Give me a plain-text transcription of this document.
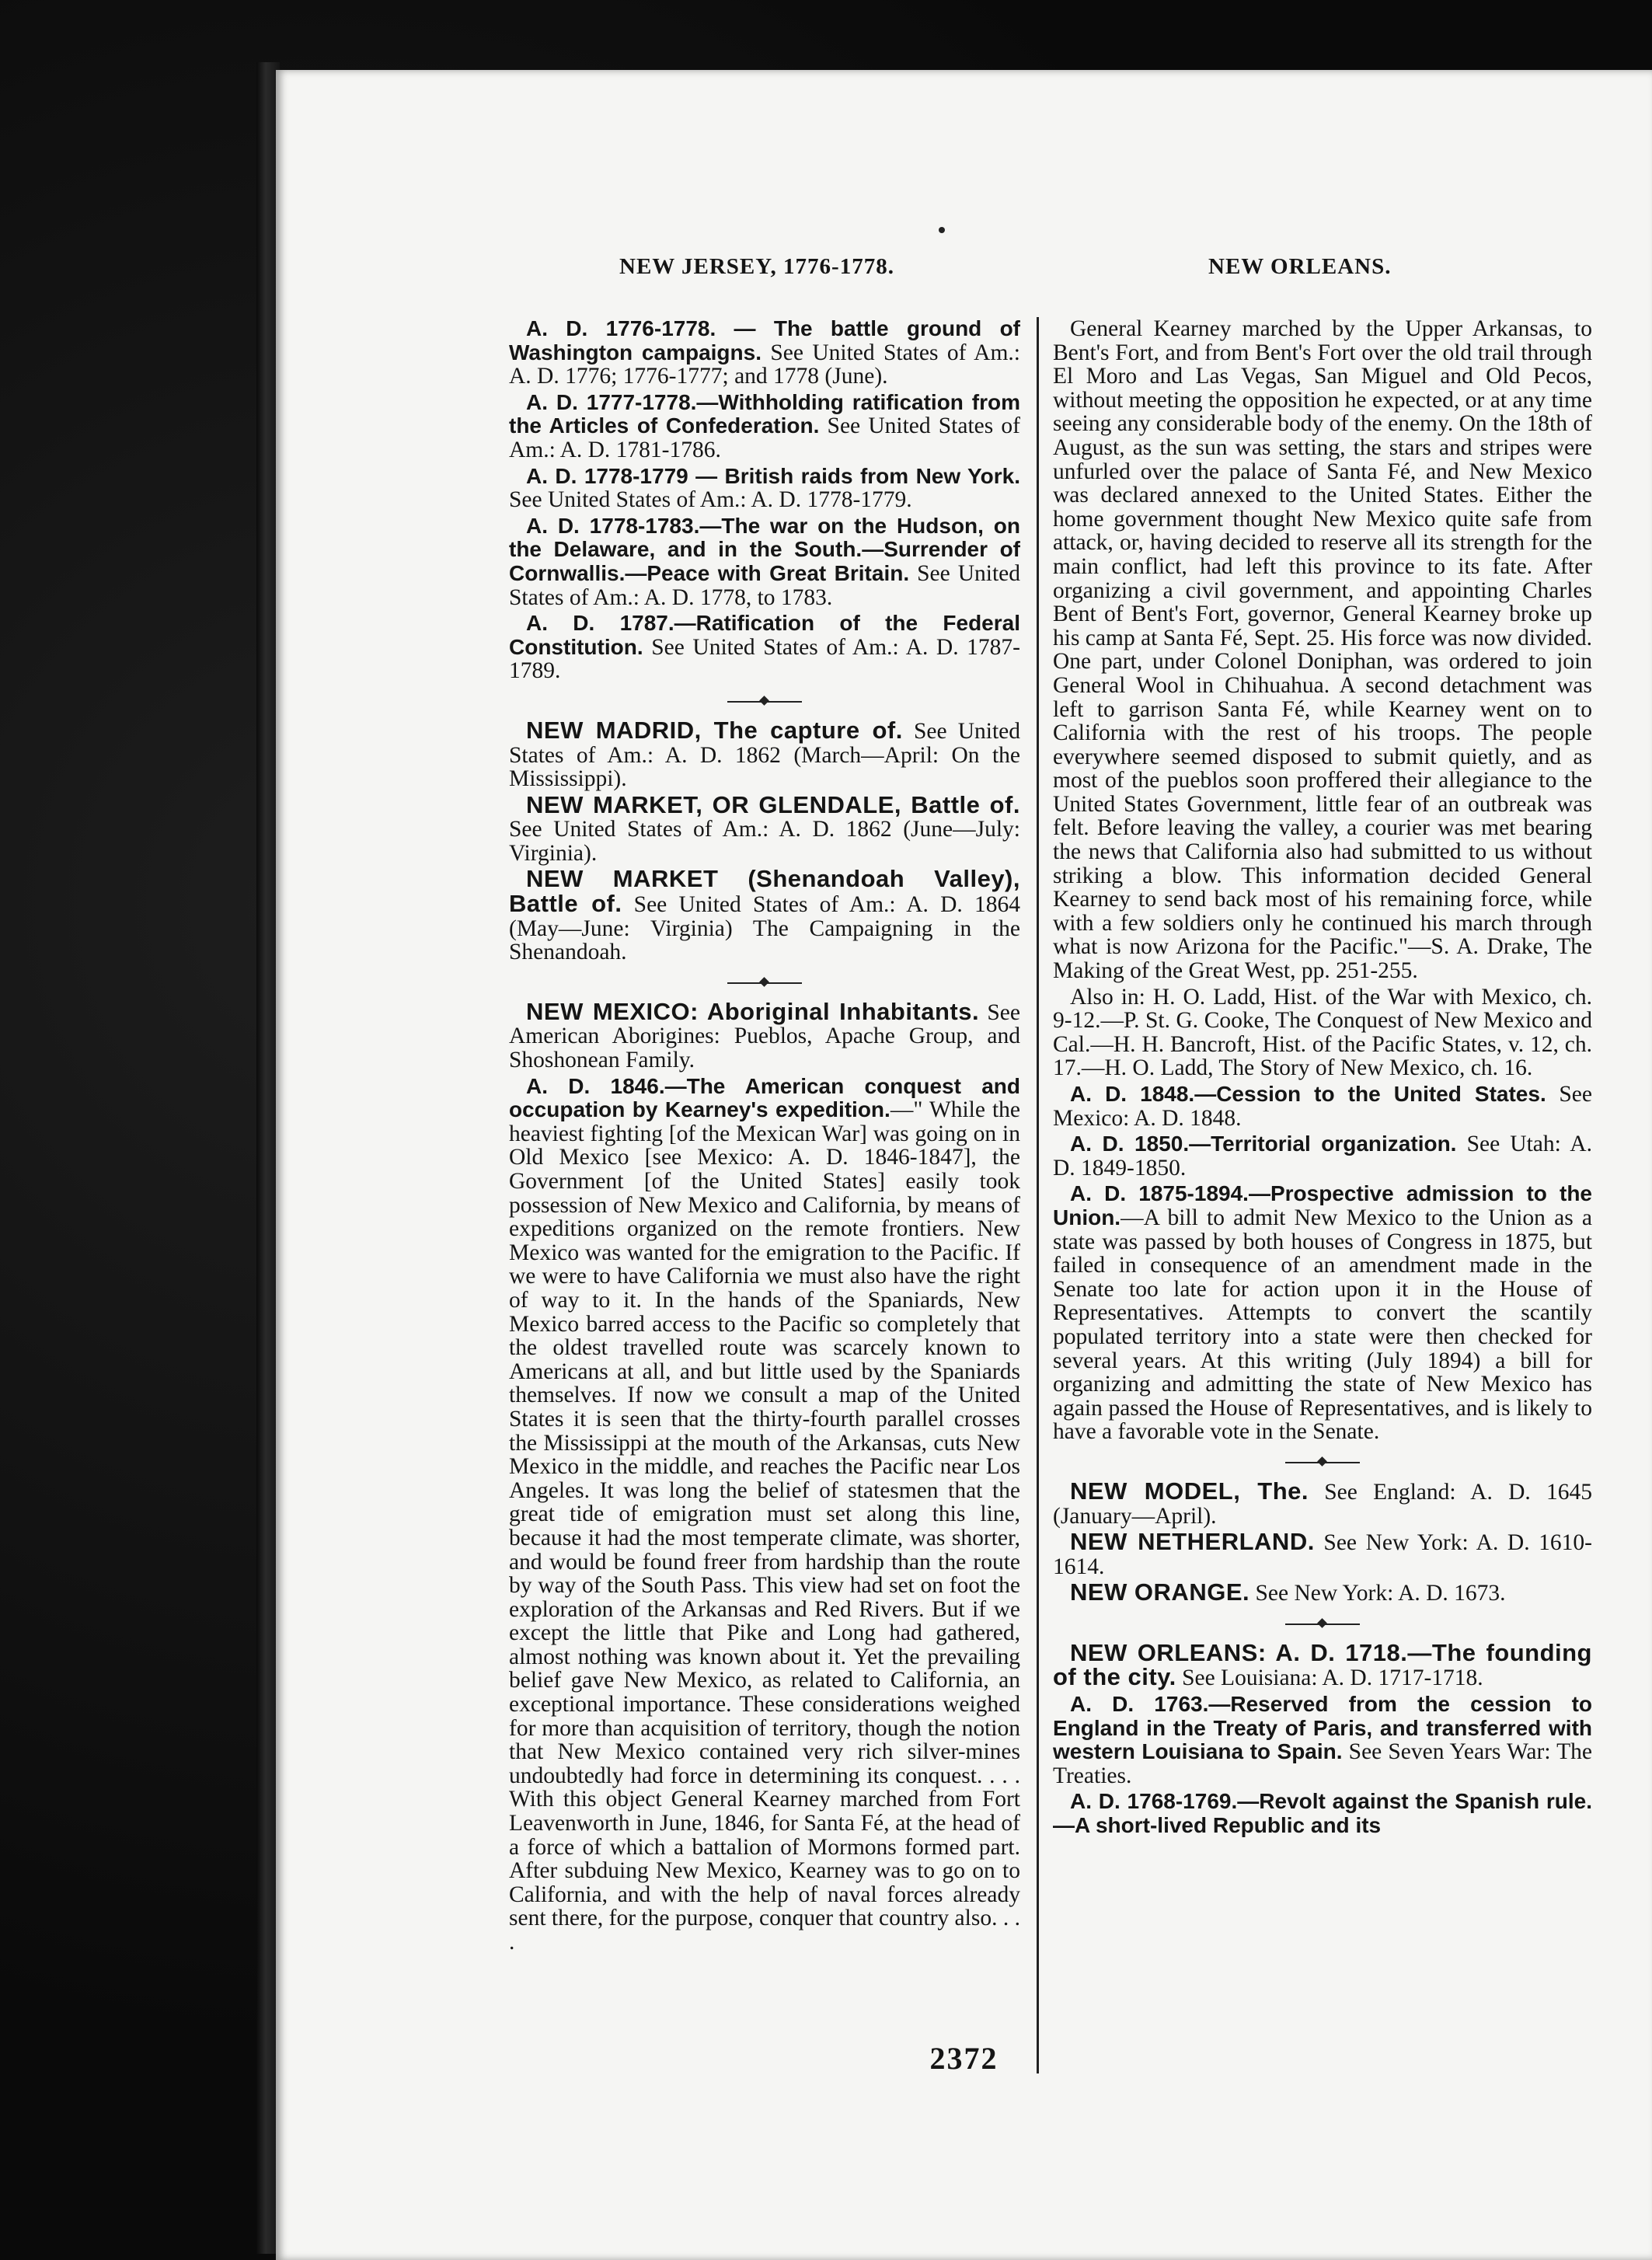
NEW JERSEY, 1776-1778.	NEW ORLEANS.

A. D. 1776-1778. — The battle ground of Washington campaigns. See United States of Am.: A. D. 1776; 1776-1777; and 1778 (June).

A. D. 1777-1778.—Withholding ratification from the Articles of Confederation. See United States of Am.: A. D. 1781-1786.

A. D. 1778-1779 — British raids from New York. See United States of Am.: A. D. 1778-1779.

A. D. 1778-1783.—The war on the Hudson, on the Delaware, and in the South.—Surrender of Cornwallis.—Peace with Great Britain. See United States of Am.: A. D. 1778, to 1783.

A. D. 1787.—Ratification of the Federal Constitution. See United States of Am.: A. D. 1787-1789.

NEW MADRID, The capture of. See United States of Am.: A. D. 1862 (March—April: On the Mississippi).

NEW MARKET, OR GLENDALE, Battle of. See United States of Am.: A. D. 1862 (June—July: Virginia).

NEW MARKET (Shenandoah Valley), Battle of. See United States of Am.: A. D. 1864 (May—June: Virginia) The Campaigning in the Shenandoah.

NEW MEXICO: Aboriginal Inhabitants. See American Aborigines: Pueblos, Apache Group, and Shoshonean Family.

A. D. 1846.—The American conquest and occupation by Kearney's expedition.—" While the heaviest fighting [of the Mexican War] was going on in Old Mexico [see Mexico: A. D. 1846-1847], the Government [of the United States] easily took possession of New Mexico and California, by means of expeditions organized on the remote frontiers. New Mexico was wanted for the emigration to the Pacific. If we were to have California we must also have the right of way to it. In the hands of the Spaniards, New Mexico barred access to the Pacific so completely that the oldest travelled route was scarcely known to Americans at all, and but little used by the Spaniards themselves. If now we consult a map of the United States it is seen that the thirty-fourth parallel crosses the Mississippi at the mouth of the Arkansas, cuts New Mexico in the middle, and reaches the Pacific near Los Angeles. It was long the belief of statesmen that the great tide of emigration must set along this line, because it had the most temperate climate, was shorter, and would be found freer from hardship than the route by way of the South Pass. This view had set on foot the exploration of the Arkansas and Red Rivers. But if we except the little that Pike and Long had gathered, almost nothing was known about it. Yet the prevailing belief gave New Mexico, as related to California, an exceptional importance. These considerations weighed for more than acquisition of territory, though the notion that New Mexico contained very rich silver-mines undoubtedly had force in determining its conquest. . . . With this object General Kearney marched from Fort Leavenworth in June, 1846, for Santa Fé, at the head of a force of which a battalion of Mormons formed part. After subduing New Mexico, Kearney was to go on to California, and with the help of naval forces already sent there, for the purpose, conquer that country also. . . .

General Kearney marched by the Upper Arkansas, to Bent's Fort, and from Bent's Fort over the old trail through El Moro and Las Vegas, San Miguel and Old Pecos, without meeting the opposition he expected, or at any time seeing any considerable body of the enemy. On the 18th of August, as the sun was setting, the stars and stripes were unfurled over the palace of Santa Fé, and New Mexico was declared annexed to the United States. Either the home government thought New Mexico quite safe from attack, or, having decided to reserve all its strength for the main conflict, had left this province to its fate. After organizing a civil government, and appointing Charles Bent of Bent's Fort, governor, General Kearney broke up his camp at Santa Fé, Sept. 25. His force was now divided. One part, under Colonel Doniphan, was ordered to join General Wool in Chihuahua. A second detachment was left to garrison Santa Fé, while Kearney went on to California with the rest of his troops. The people everywhere seemed disposed to submit quietly, and as most of the pueblos soon proffered their allegiance to the United States Government, little fear of an outbreak was felt. Before leaving the valley, a courier was met bearing the news that California also had submitted to us without striking a blow. This information decided General Kearney to send back most of his remaining force, while with a few soldiers only he continued his march through what is now Arizona for the Pacific."—S. A. Drake, The Making of the Great West, pp. 251-255.

Also in: H. O. Ladd, Hist. of the War with Mexico, ch. 9-12.—P. St. G. Cooke, The Conquest of New Mexico and Cal.—H. H. Bancroft, Hist. of the Pacific States, v. 12, ch. 17.—H. O. Ladd, The Story of New Mexico, ch. 16.

A. D. 1848.—Cession to the United States. See Mexico: A. D. 1848.

A. D. 1850.—Territorial organization. See Utah: A. D. 1849-1850.

A. D. 1875-1894.—Prospective admission to the Union.—A bill to admit New Mexico to the Union as a state was passed by both houses of Congress in 1875, but failed in consequence of an amendment made in the Senate too late for action upon it in the House of Representatives. Attempts to convert the scantily populated territory into a state were then checked for several years. At this writing (July 1894) a bill for organizing and admitting the state of New Mexico has again passed the House of Representatives, and is likely to have a favorable vote in the Senate.

NEW MODEL, The. See England: A. D. 1645 (January—April).

NEW NETHERLAND. See New York: A. D. 1610-1614.

NEW ORANGE. See New York: A. D. 1673.

NEW ORLEANS: A. D. 1718.—The founding of the city. See Louisiana: A. D. 1717-1718.

A. D. 1763.—Reserved from the cession to England in the Treaty of Paris, and transferred with western Louisiana to Spain. See Seven Years War: The Treaties.

A. D. 1768-1769.—Revolt against the Spanish rule.—A short-lived Republic and its

2372
